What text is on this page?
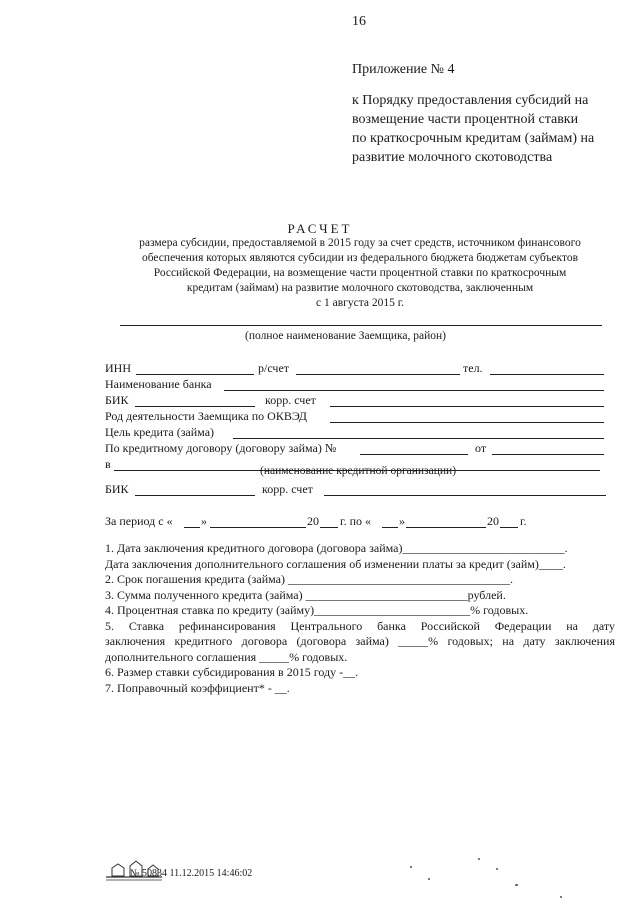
16
Приложение № 4
к Порядку предоставления субсидий на
возмещение части процентной ставки
по краткосрочным кредитам (займам) на
развитие молочного скотоводства
РАСЧЕТ
размера субсидии, предоставляемой в 2015 году за счет средств, источником финансового
обеспечения которых являются субсидии из федерального бюджета бюджетам субъектов
Российской Федерации, на возмещение части процентной ставки по краткосрочным
кредитам (займам) на развитие молочного скотоводства, заключенным
с 1 августа 2015 г.
(полное наименование Заемщика, район)
ИНН	р/счет	тел.
Наименование банка
БИК	корр. счет
Род деятельности Заемщика по ОКВЭД
Цель кредита (займа)
По кредитному договору (договору займа) №	от
в	(наименование кредитной организации)
БИК	корр. счет
За период с « »	20 г. по « »	20 г.
1. Дата заключения кредитного договора (договора займа)___________________________.
Дата заключения дополнительного соглашения об изменении платы за кредит (займ)____.
2. Срок погашения кредита (займа) _____________________________________.
3. Сумма полученного кредита (займа) ___________________________рублей.
4. Процентная ставка по кредиту (займу)__________________________% годовых.
5. Ставка рефинансирования Центрального банка Российской Федерации на дату
заключения кредитного договора (договора займа) _____% годовых; на дату заключения
дополнительного соглашения _____% годовых.
6. Размер ставки субсидирования в 2015 году -__.
7. Поправочный коэффициент* - __.
№ 50834 11.12.2015 14:46:02
